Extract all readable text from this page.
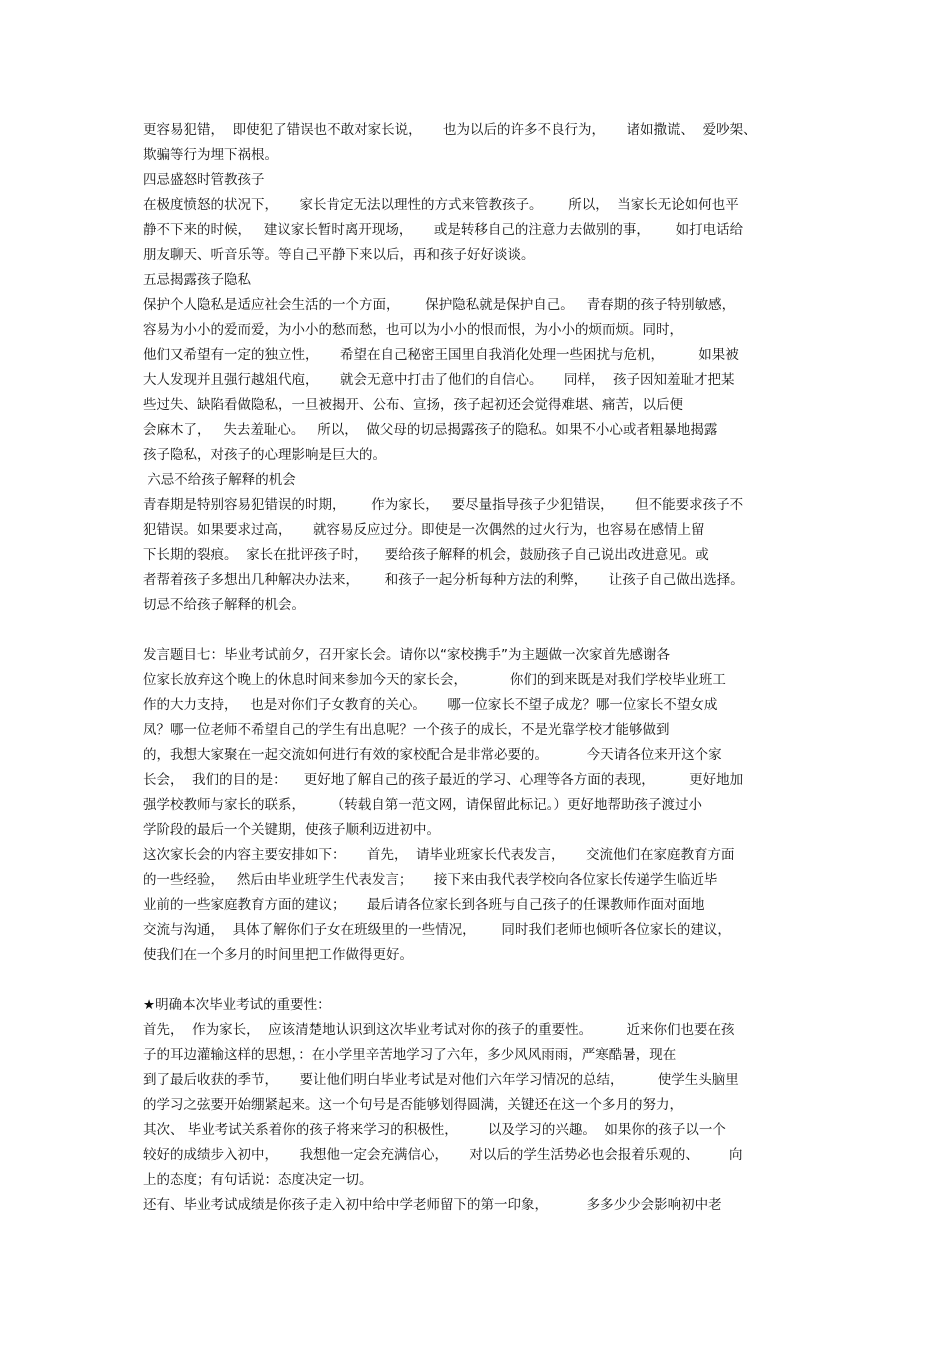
更容易犯错，  即使犯了错误也不敢对家长说，     也为以后的许多不良行为，     诸如撒谎、  爱吵架、
欺骗等行为埋下祸根。
四忌盛怒时管教孩子
在极度愤怒的状况下，     家长肯定无法以理性的方式来管教孩子。      所以，  当家长无论如何也平
静不下来的时候，   建议家长暂时离开现场，     或是转移自己的注意力去做别的事，      如打电话给
朋友聊天、听音乐等。等自己平静下来以后，再和孩子好好谈谈。
五忌揭露孩子隐私
保护个人隐私是适应社会生活的一个方面，      保护隐私就是保护自己。   青春期的孩子特别敏感，
容易为小小的爱而爱，为小小的愁而愁，也可以为小小的恨而恨，为小小的烦而烦。同时，
他们又希望有一定的独立性，     希望在自己秘密王国里自我消化处理一些困扰与危机，        如果被
大人发现并且强行越俎代庖，     就会无意中打击了他们的自信心。     同样，  孩子因知羞耻才把某
些过失、缺陷看做隐私，一旦被揭开、公布、宣扬，孩子起初还会觉得难堪、痛苦，以后便
会麻木了，   失去羞耻心。   所以，  做父母的切忌揭露孩子的隐私。如果不小心或者粗暴地揭露
孩子隐私，对孩子的心理影响是巨大的。
六忌不给孩子解释的机会
青春期是特别容易犯错误的时期，      作为家长，   要尽量指导孩子少犯错误，     但不能要求孩子不
犯错误。如果要求过高，     就容易反应过分。即使是一次偶然的过火行为，也容易在感情上留
下长期的裂痕。  家长在批评孩子时，    要给孩子解释的机会，鼓励孩子自己说出改进意见。或
者帮着孩子多想出几种解决办法来，      和孩子一起分析每种方法的利弊，     让孩子自己做出选择。
切忌不给孩子解释的机会。
发言题目七：毕业考试前夕，召开家长会。请你以“家校携手”为主题做一次家首先感谢各
位家长放弃这个晚上的休息时间来参加今天的家长会，          你们的到来既是对我们学校毕业班工
作的大力支持，   也是对你们子女教育的关心。     哪一位家长不望子成龙？哪一位家长不望女成
凤？哪一位老师不希望自己的学生有出息呢？一个孩子的成长，不是光靠学校才能够做到
的，我想大家聚在一起交流如何进行有效的家校配合是非常必要的。         今天请各位来开这个家
长会，  我们的目的是：    更好地了解自己的孩子最近的学习、心理等各方面的表现，        更好地加
强学校教师与家长的联系，      （转载自第一范文网，请保留此标记。）更好地帮助孩子渡过小
学阶段的最后一个关键期，使孩子顺利迈进初中。
这次家长会的内容主要安排如下：     首先，  请毕业班家长代表发言，     交流他们在家庭教育方面
的一些经验，   然后由毕业班学生代表发言；     接下来由我代表学校向各位家长传递学生临近毕
业前的一些家庭教育方面的建议；     最后请各位家长到各班与自己孩子的任课教师作面对面地
交流与沟通，  具体了解你们子女在班级里的一些情况，      同时我们老师也倾听各位家长的建议，
使我们在一个多月的时间里把工作做得更好。
★明确本次毕业考试的重要性：
首先，  作为家长，  应该清楚地认识到这次毕业考试对你的孩子的重要性。        近来你们也要在孩
子的耳边灌输这样的思想，：在小学里辛苦地学习了六年，多少风风雨雨，严寒酷暑，现在
到了最后收获的季节，     要让他们明白毕业考试是对他们六年学习情况的总结，        使学生头脑里
的学习之弦要开始绷紧起来。这一个句号是否能够划得圆满，关键还在这一个多月的努力，
其次、 毕业考试关系着你的孩子将来学习的积极性，       以及学习的兴趣。  如果你的孩子以一个
较好的成绩步入初中，     我想他一定会充满信心，     对以后的学生活势必也会报着乐观的、       向
上的态度；有句话说：态度决定一切。
还有、毕业考试成绩是你孩子走入初中给中学老师留下的第一印象，         多多少少会影响初中老
